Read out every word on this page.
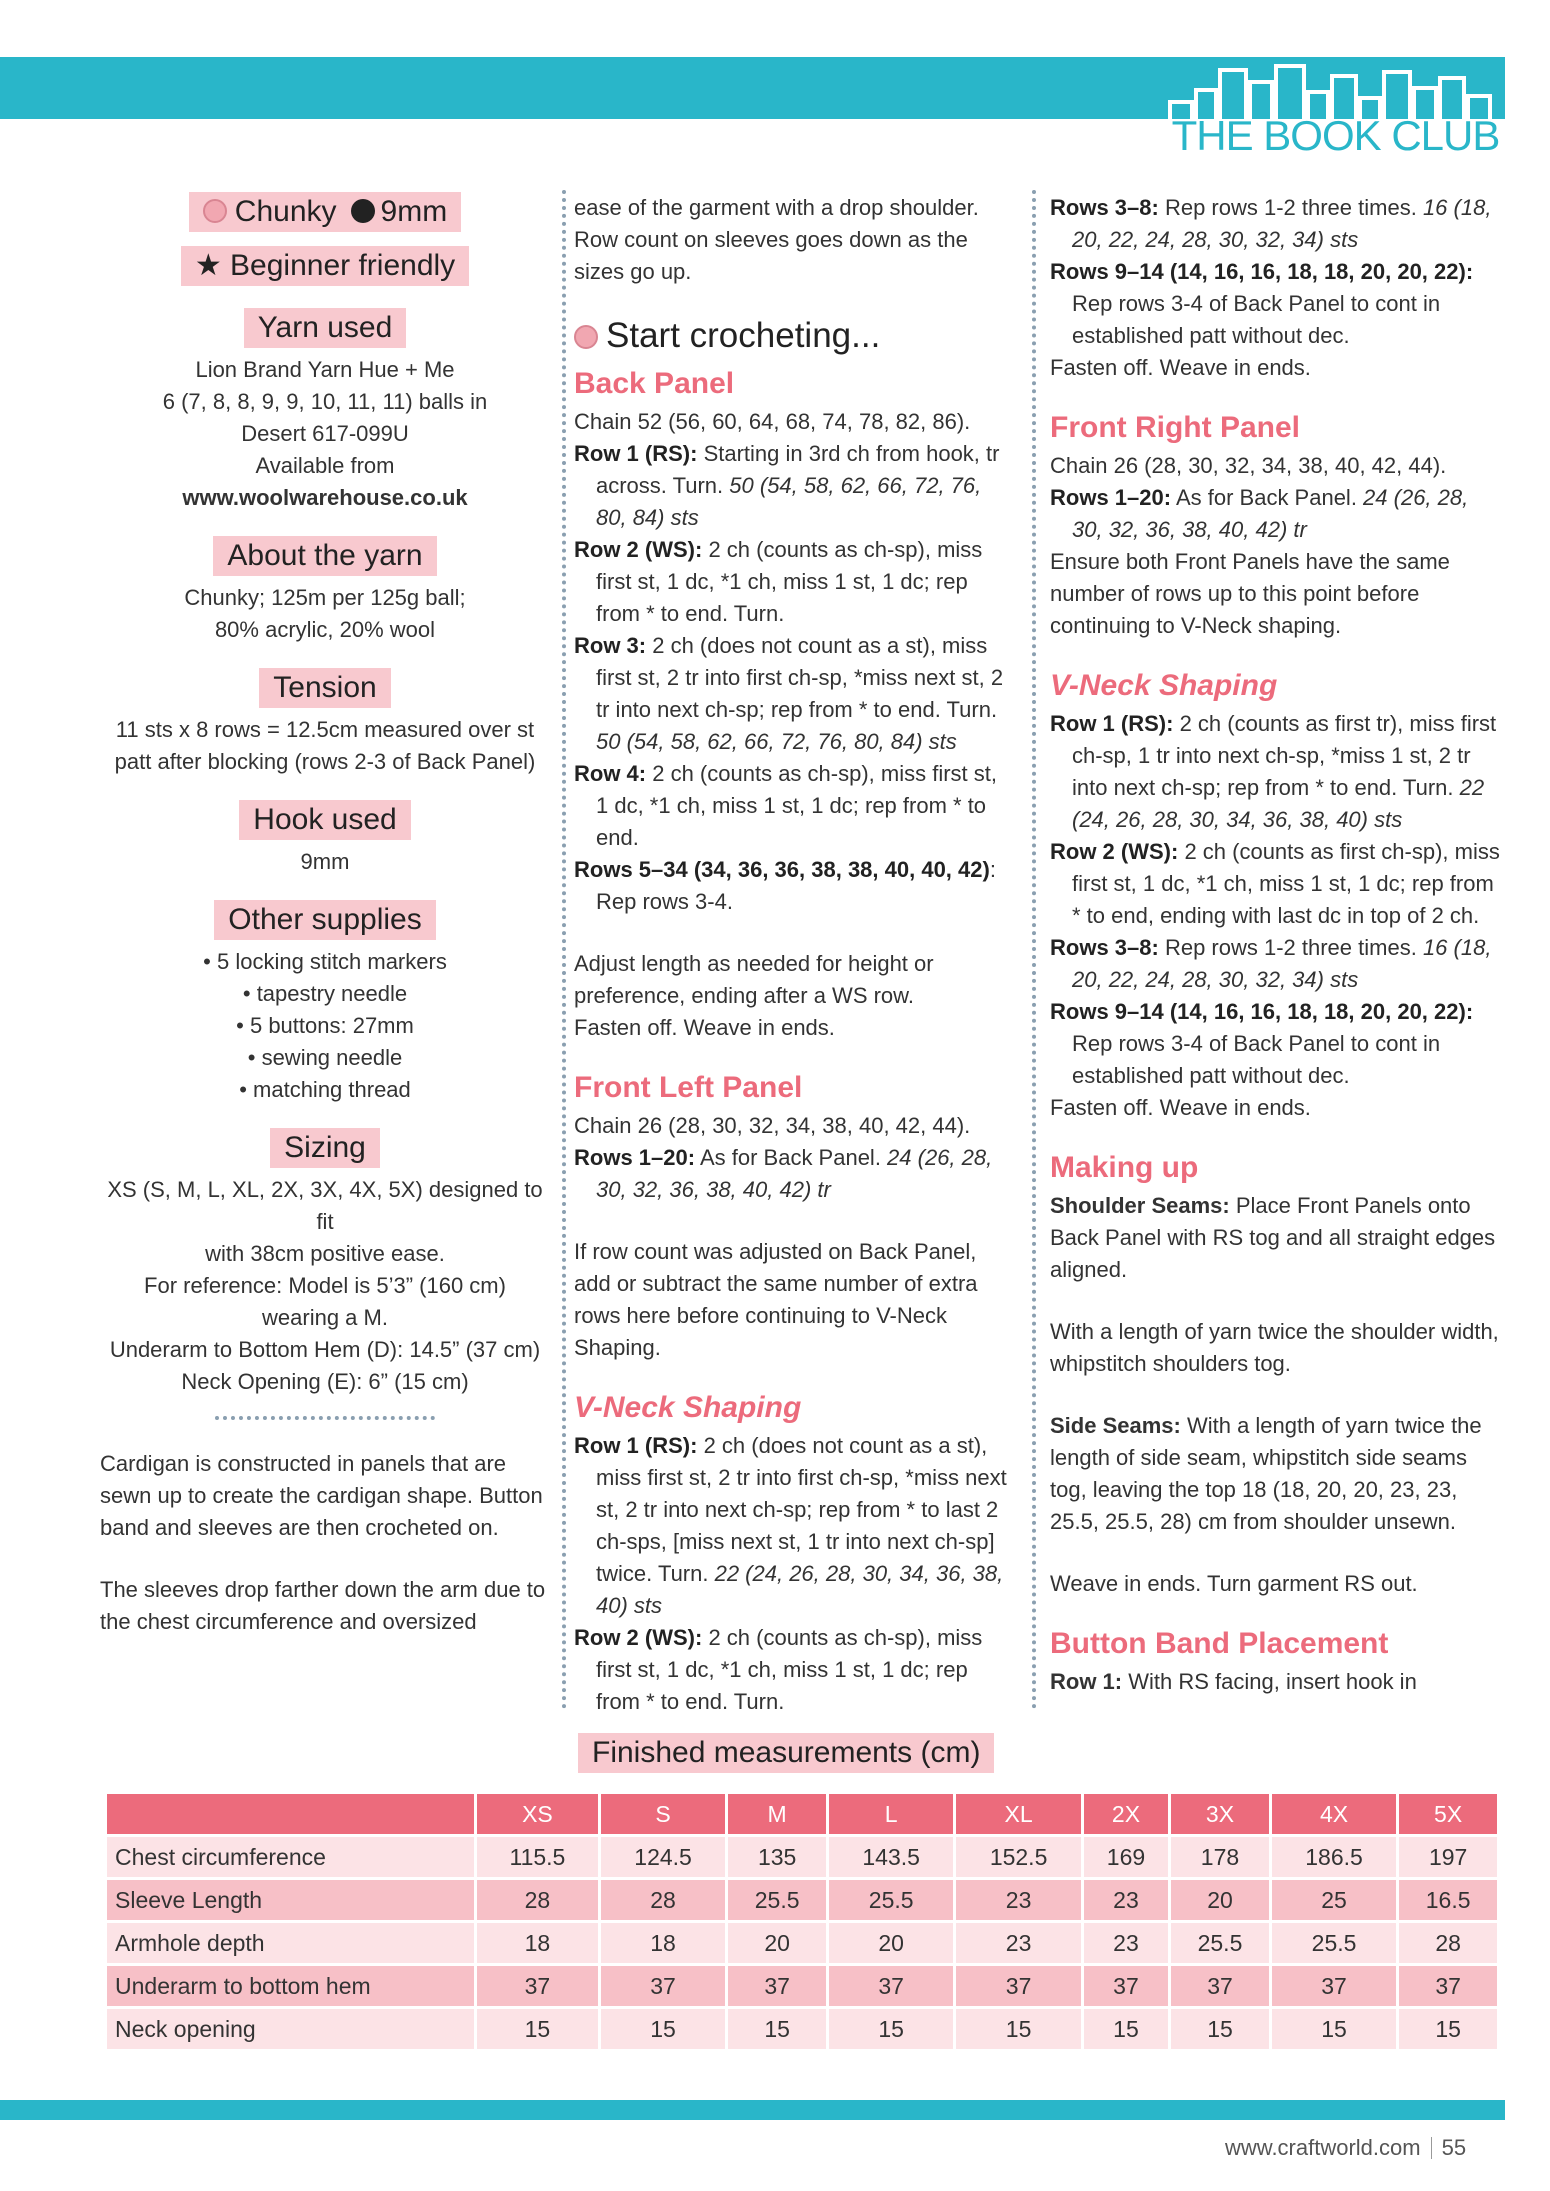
THE BOOK CLUB
Chunky 9mm
★ Beginner friendly
Yarn used

Lion Brand Yarn Hue + Me

6 (7, 8, 8, 9, 9, 10, 11, 11) balls in

Desert 617-099U

Available from

www.woolwarehouse.co.uk

About the yarn

Chunky; 125m per 125g ball;

80% acrylic, 20% wool

Tension

11 sts x 8 rows = 12.5cm measured over st

patt after blocking (rows 2-3 of Back Panel)

Hook used

9mm

Other supplies

• 5 locking stitch markers

• tapestry needle

• 5 buttons: 27mm

• sewing needle

• matching thread

Sizing

XS (S, M, L, XL, 2X, 3X, 4X, 5X) designed to fit

with 38cm positive ease.

For reference: Model is 5’3” (160 cm)

wearing a M.

Underarm to Bottom Hem (D): 14.5” (37 cm)

Neck Opening (E): 6” (15 cm)

Cardigan is constructed in panels that are sewn up to create the cardigan shape. Button band and sleeves are then crocheted on.

The sleeves drop farther down the arm due to the chest circumference and oversized

ease of the garment with a drop shoulder. Row count on sleeves goes down as the sizes go up.

Start crocheting...
Back Panel

Chain 52 (56, 60, 64, 68, 74, 78, 82, 86).

Row 1 (RS): Starting in 3rd ch from hook, tr across. Turn. 50 (54, 58, 62, 66, 72, 76, 80, 84) sts

Row 2 (WS): 2 ch (counts as ch-sp), miss first st, 1 dc, *1 ch, miss 1 st, 1 dc; rep from * to end. Turn.

Row 3: 2 ch (does not count as a st), miss first st, 2 tr into first ch-sp, *miss next st, 2 tr into next ch-sp; rep from * to end. Turn. 50 (54, 58, 62, 66, 72, 76, 80, 84) sts

Row 4: 2 ch (counts as ch-sp), miss first st, 1 dc, *1 ch, miss 1 st, 1 dc; rep from * to end.

Rows 5–34 (34, 36, 36, 38, 38, 40, 40, 42): Rep rows 3-4.

Adjust length as needed for height or preference, ending after a WS row.

Fasten off. Weave in ends.

Front Left Panel

Chain 26 (28, 30, 32, 34, 38, 40, 42, 44).

Rows 1–20: As for Back Panel. 24 (26, 28, 30, 32, 36, 38, 40, 42) tr

If row count was adjusted on Back Panel, add or subtract the same number of extra rows here before continuing to V-Neck Shaping.

V-Neck Shaping

Row 1 (RS): 2 ch (does not count as a st), miss first st, 2 tr into first ch-sp, *miss next st, 2 tr into next ch-sp; rep from * to last 2 ch-sps, [miss next st, 1 tr into next ch-sp] twice. Turn. 22 (24, 26, 28, 30, 34, 36, 38, 40) sts

Row 2 (WS): 2 ch (counts as ch-sp), miss first st, 1 dc, *1 ch, miss 1 st, 1 dc; rep from * to end. Turn.

Rows 3–8: Rep rows 1-2 three times. 16 (18, 20, 22, 24, 28, 30, 32, 34) sts

Rows 9–14 (14, 16, 16, 18, 18, 20, 20, 22): Rep rows 3-4 of Back Panel to cont in established patt without dec.

Fasten off. Weave in ends.

Front Right Panel

Chain 26 (28, 30, 32, 34, 38, 40, 42, 44).

Rows 1–20: As for Back Panel. 24 (26, 28, 30, 32, 36, 38, 40, 42) tr

Ensure both Front Panels have the same number of rows up to this point before continuing to V-Neck shaping.

V-Neck Shaping

Row 1 (RS): 2 ch (counts as first tr), miss first ch-sp, 1 tr into next ch-sp, *miss 1 st, 2 tr into next ch-sp; rep from * to end. Turn. 22 (24, 26, 28, 30, 34, 36, 38, 40) sts

Row 2 (WS): 2 ch (counts as first ch-sp), miss first st, 1 dc, *1 ch, miss 1 st, 1 dc; rep from * to end, ending with last dc in top of 2 ch.

Rows 3–8: Rep rows 1-2 three times. 16 (18, 20, 22, 24, 28, 30, 32, 34) sts

Rows 9–14 (14, 16, 16, 18, 18, 20, 20, 22): Rep rows 3-4 of Back Panel to cont in established patt without dec.

Fasten off. Weave in ends.

Making up

Shoulder Seams: Place Front Panels onto Back Panel with RS tog and all straight edges aligned.

With a length of yarn twice the shoulder width, whipstitch shoulders tog.

Side Seams: With a length of yarn twice the length of side seam, whipstitch side seams tog, leaving the top 18 (18, 20, 20, 23, 23, 25.5, 25.5, 28) cm from shoulder unsewn.

Weave in ends. Turn garment RS out.

Button Band Placement

Row 1: With RS facing, insert hook in

Finished measurements (cm)
	XS	S	M	L	XL	2X	3X	4X	5X
Chest circumference	115.5	124.5	135	143.5	152.5	169	178	186.5	197
Sleeve Length	28	28	25.5	25.5	23	23	20	25	16.5
Armhole depth	18	18	20	20	23	23	25.5	25.5	28
Underarm to bottom hem	37	37	37	37	37	37	37	37	37
Neck opening	15	15	15	15	15	15	15	15	15
www.craftworld.com 55
